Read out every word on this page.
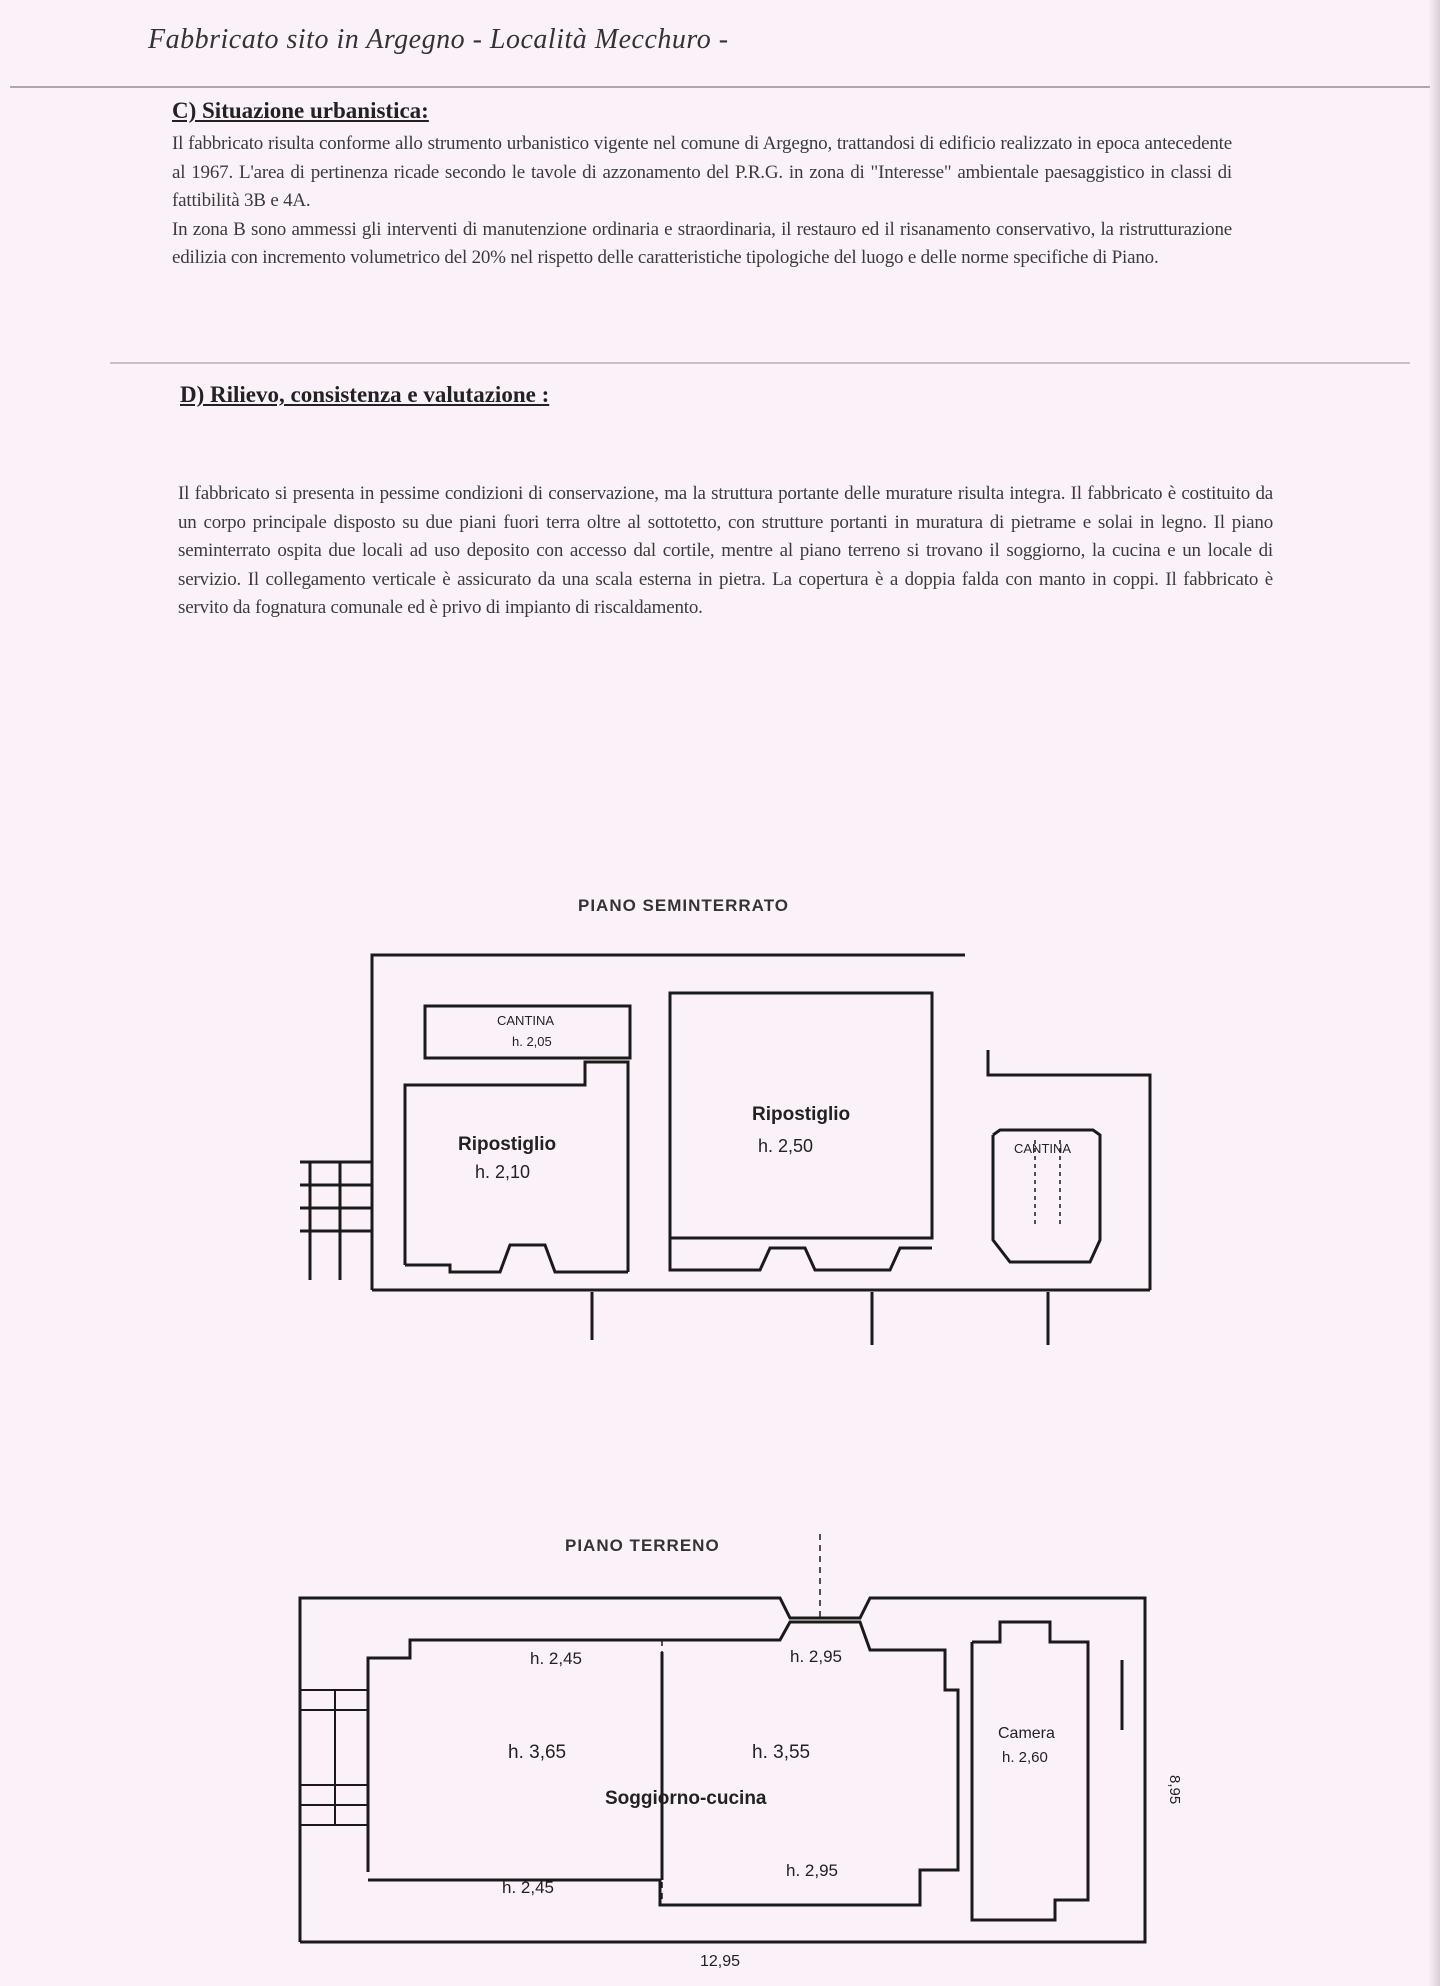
Fabbricato sito in Argegno - Località Mecchuro -
C) Situazione urbanistica:

Il fabbricato risulta conforme allo strumento urbanistico vigente nel comune di Argegno, trattandosi di edificio realizzato in epoca antecedente al 1967. L'area di pertinenza ricade secondo le tavole di azzonamento del P.R.G. in zona di "Interesse" ambientale paesaggistico in classi di fattibilità 3B e 4A.

In zona B sono ammessi gli interventi di manutenzione ordinaria e straordinaria, il restauro ed il risanamento conservativo, la ristrutturazione edilizia con incremento volumetrico del 20% nel rispetto delle caratteristiche tipologiche del luogo e delle norme specifiche di Piano.

D) Rilievo, consistenza e valutazione :

Il fabbricato si presenta in pessime condizioni di conservazione, ma la struttura portante delle murature risulta integra. Il fabbricato è costituito da un corpo principale disposto su due piani fuori terra oltre al sottotetto, con strutture portanti in muratura di pietrame e solai in legno. Il piano seminterrato ospita due locali ad uso deposito con accesso dal cortile, mentre al piano terreno si trovano il soggiorno, la cucina e un locale di servizio. Il collegamento verticale è assicurato da una scala esterna in pietra. La copertura è a doppia falda con manto in coppi. Il fabbricato è servito da fognatura comunale ed è privo di impianto di riscaldamento.

PIANO SEMINTERRATO
CANTINA
h. 2,05
Ripostiglio
h. 2,10
Ripostiglio
h. 2,50	CANTINA
PIANO TERRENO
h. 2,45	h. 2,95
h. 3,65	h. 3,55
Soggiorno-cucina
h. 2,45
h. 2,95
Camera
h. 2,60
12,95
8,95
